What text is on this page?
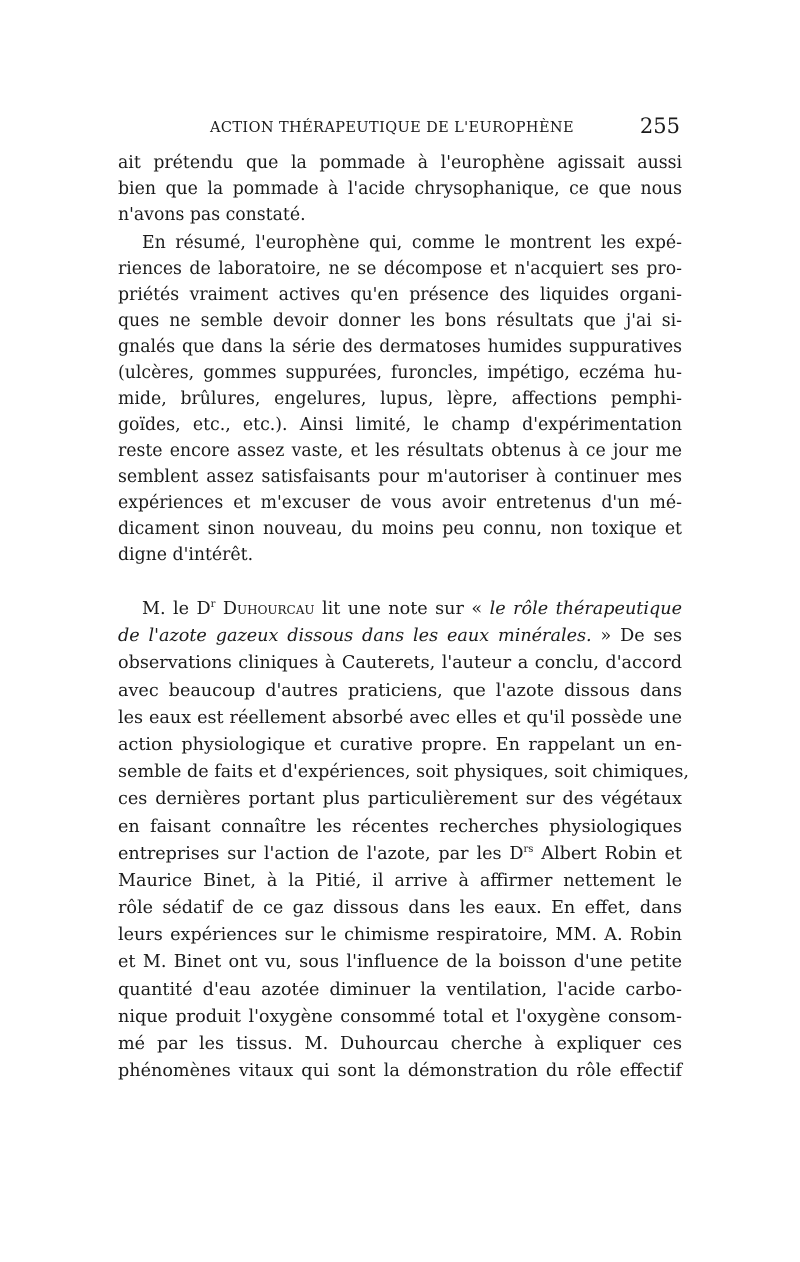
ACTION THÉRAPEUTIQUE DE L'EUROPHÈNE	255
ait prétendu que la pommade à l'europhène agissait aussi
bien que la pommade à l'acide chrysophanique, ce que nous
n'avons pas constaté.
En résumé, l'europhène qui, comme le montrent les expé-
riences de laboratoire, ne se décompose et n'acquiert ses pro-
priétés vraiment actives qu'en présence des liquides organi-
ques ne semble devoir donner les bons résultats que j'ai si-
gnalés que dans la série des dermatoses humides suppuratives
(ulcères, gommes suppurées, furoncles, impétigo, eczéma hu-
mide, brûlures, engelures, lupus, lèpre, affections pemphi-
goïdes, etc., etc.). Ainsi limité, le champ d'expérimentation
reste encore assez vaste, et les résultats obtenus à ce jour me
semblent assez satisfaisants pour m'autoriser à continuer mes
expériences et m'excuser de vous avoir entretenus d'un mé-
dicament sinon nouveau, du moins peu connu, non toxique et
digne d'intérêt.
M. le $D^r$ Duhourcau lit une note sur « le rôle thérapeutique
de l'azote gazeux dissous dans les eaux minérales. » De ses
observations cliniques à Cauterets, l'auteur a conclu, d'accord
avec beaucoup d'autres praticiens, que l'azote dissous dans
les eaux est réellement absorbé avec elles et qu'il possède une
action physiologique et curative propre. En rappelant un en-
semble de faits et d'expériences, soit physiques, soit chimiques,
ces dernières portant plus particulièrement sur des végétaux
en faisant connaître les récentes recherches physiologiques
entreprises sur l'action de l'azote, par les $D^{rs}$ Albert Robin et
Maurice Binet, à la Pitié, il arrive à affirmer nettement le
rôle sédatif de ce gaz dissous dans les eaux. En effet, dans
leurs expériences sur le chimisme respiratoire, MM. A. Robin
et M. Binet ont vu, sous l'influence de la boisson d'une petite
quantité d'eau azotée diminuer la ventilation, l'acide carbo-
nique produit l'oxygène consommé total et l'oxygène consom-
mé par les tissus. M. Duhourcau cherche à expliquer ces
phénomènes vitaux qui sont la démonstration du rôle effectif
